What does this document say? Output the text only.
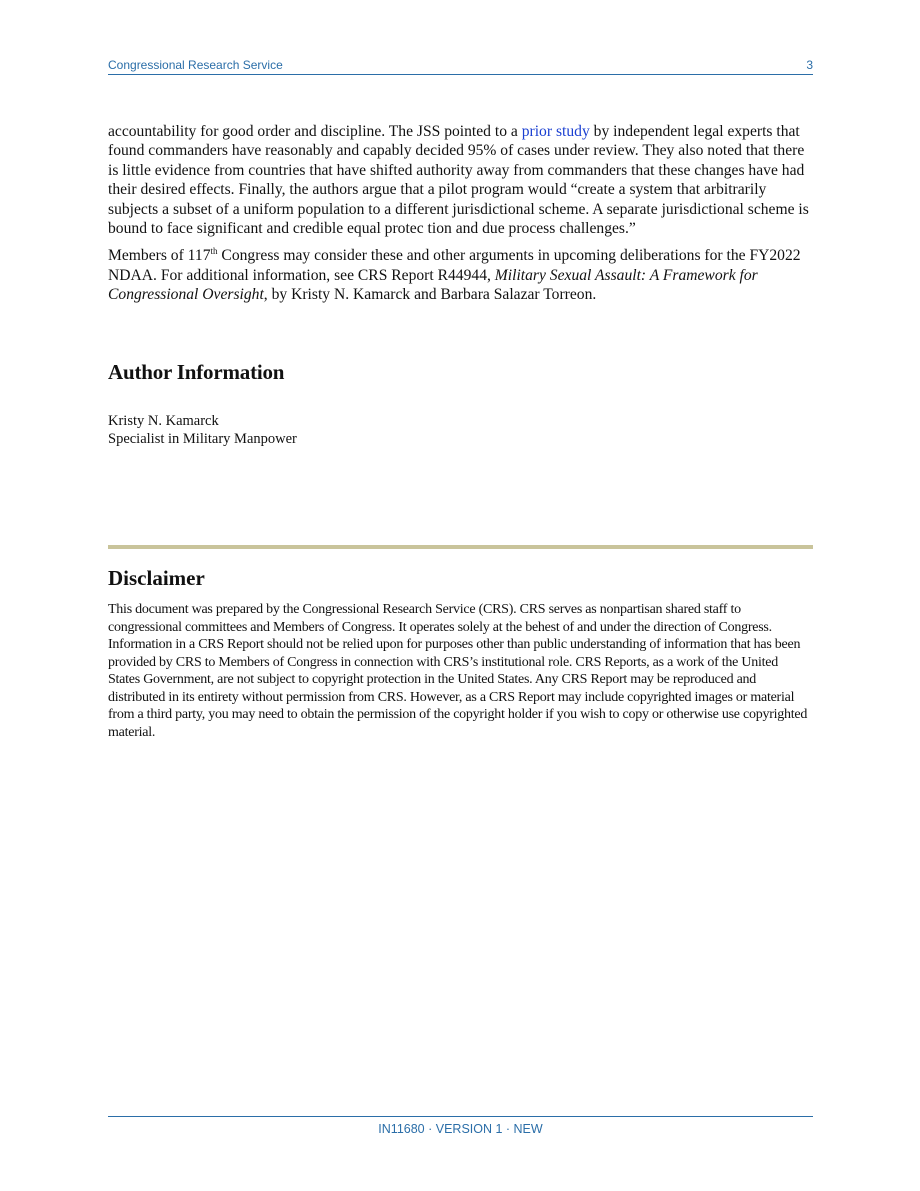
Congressional Research Service	3

accountability for good order and discipline. The JSS pointed to a prior study by independent legal experts that found commanders have reasonably and capably decided 95% of cases under review. They also noted that there is little evidence from countries that have shifted authority away from commanders that these changes have had their desired effects. Finally, the authors argue that a pilot program would “create a system that arbitrarily subjects a subset of a uniform population to a different jurisdictional scheme. A separate jurisdictional scheme is bound to face significant and credible equal protec tion and due process challenges.”

Members of 117th Congress may consider these and other arguments in upcoming deliberations for the FY2022 NDAA. For additional information, see CRS Report R44944, Military Sexual Assault: A Framework for Congressional Oversight, by Kristy N. Kamarck and Barbara Salazar Torreon.

Author Information
Kristy N. Kamarck
Specialist in Military Manpower
Disclaimer

This document was prepared by the Congressional Research Service (CRS). CRS serves as nonpartisan shared staff to congressional committees and Members of Congress. It operates solely at the behest of and under the direction of Congress. Information in a CRS Report should not be relied upon for purposes other than public understanding of information that has been provided by CRS to Members of Congress in connection with CRS’s institutional role. CRS Reports, as a work of the United States Government, are not subject to copyright protection in the United States. Any CRS Report may be reproduced and distributed in its entirety without permission from CRS. However, as a CRS Report may include copyrighted images or material from a third party, you may need to obtain the permission of the copyright holder if you wish to copy or otherwise use copyrighted material.

IN11680 · VERSION 1 · NEW
